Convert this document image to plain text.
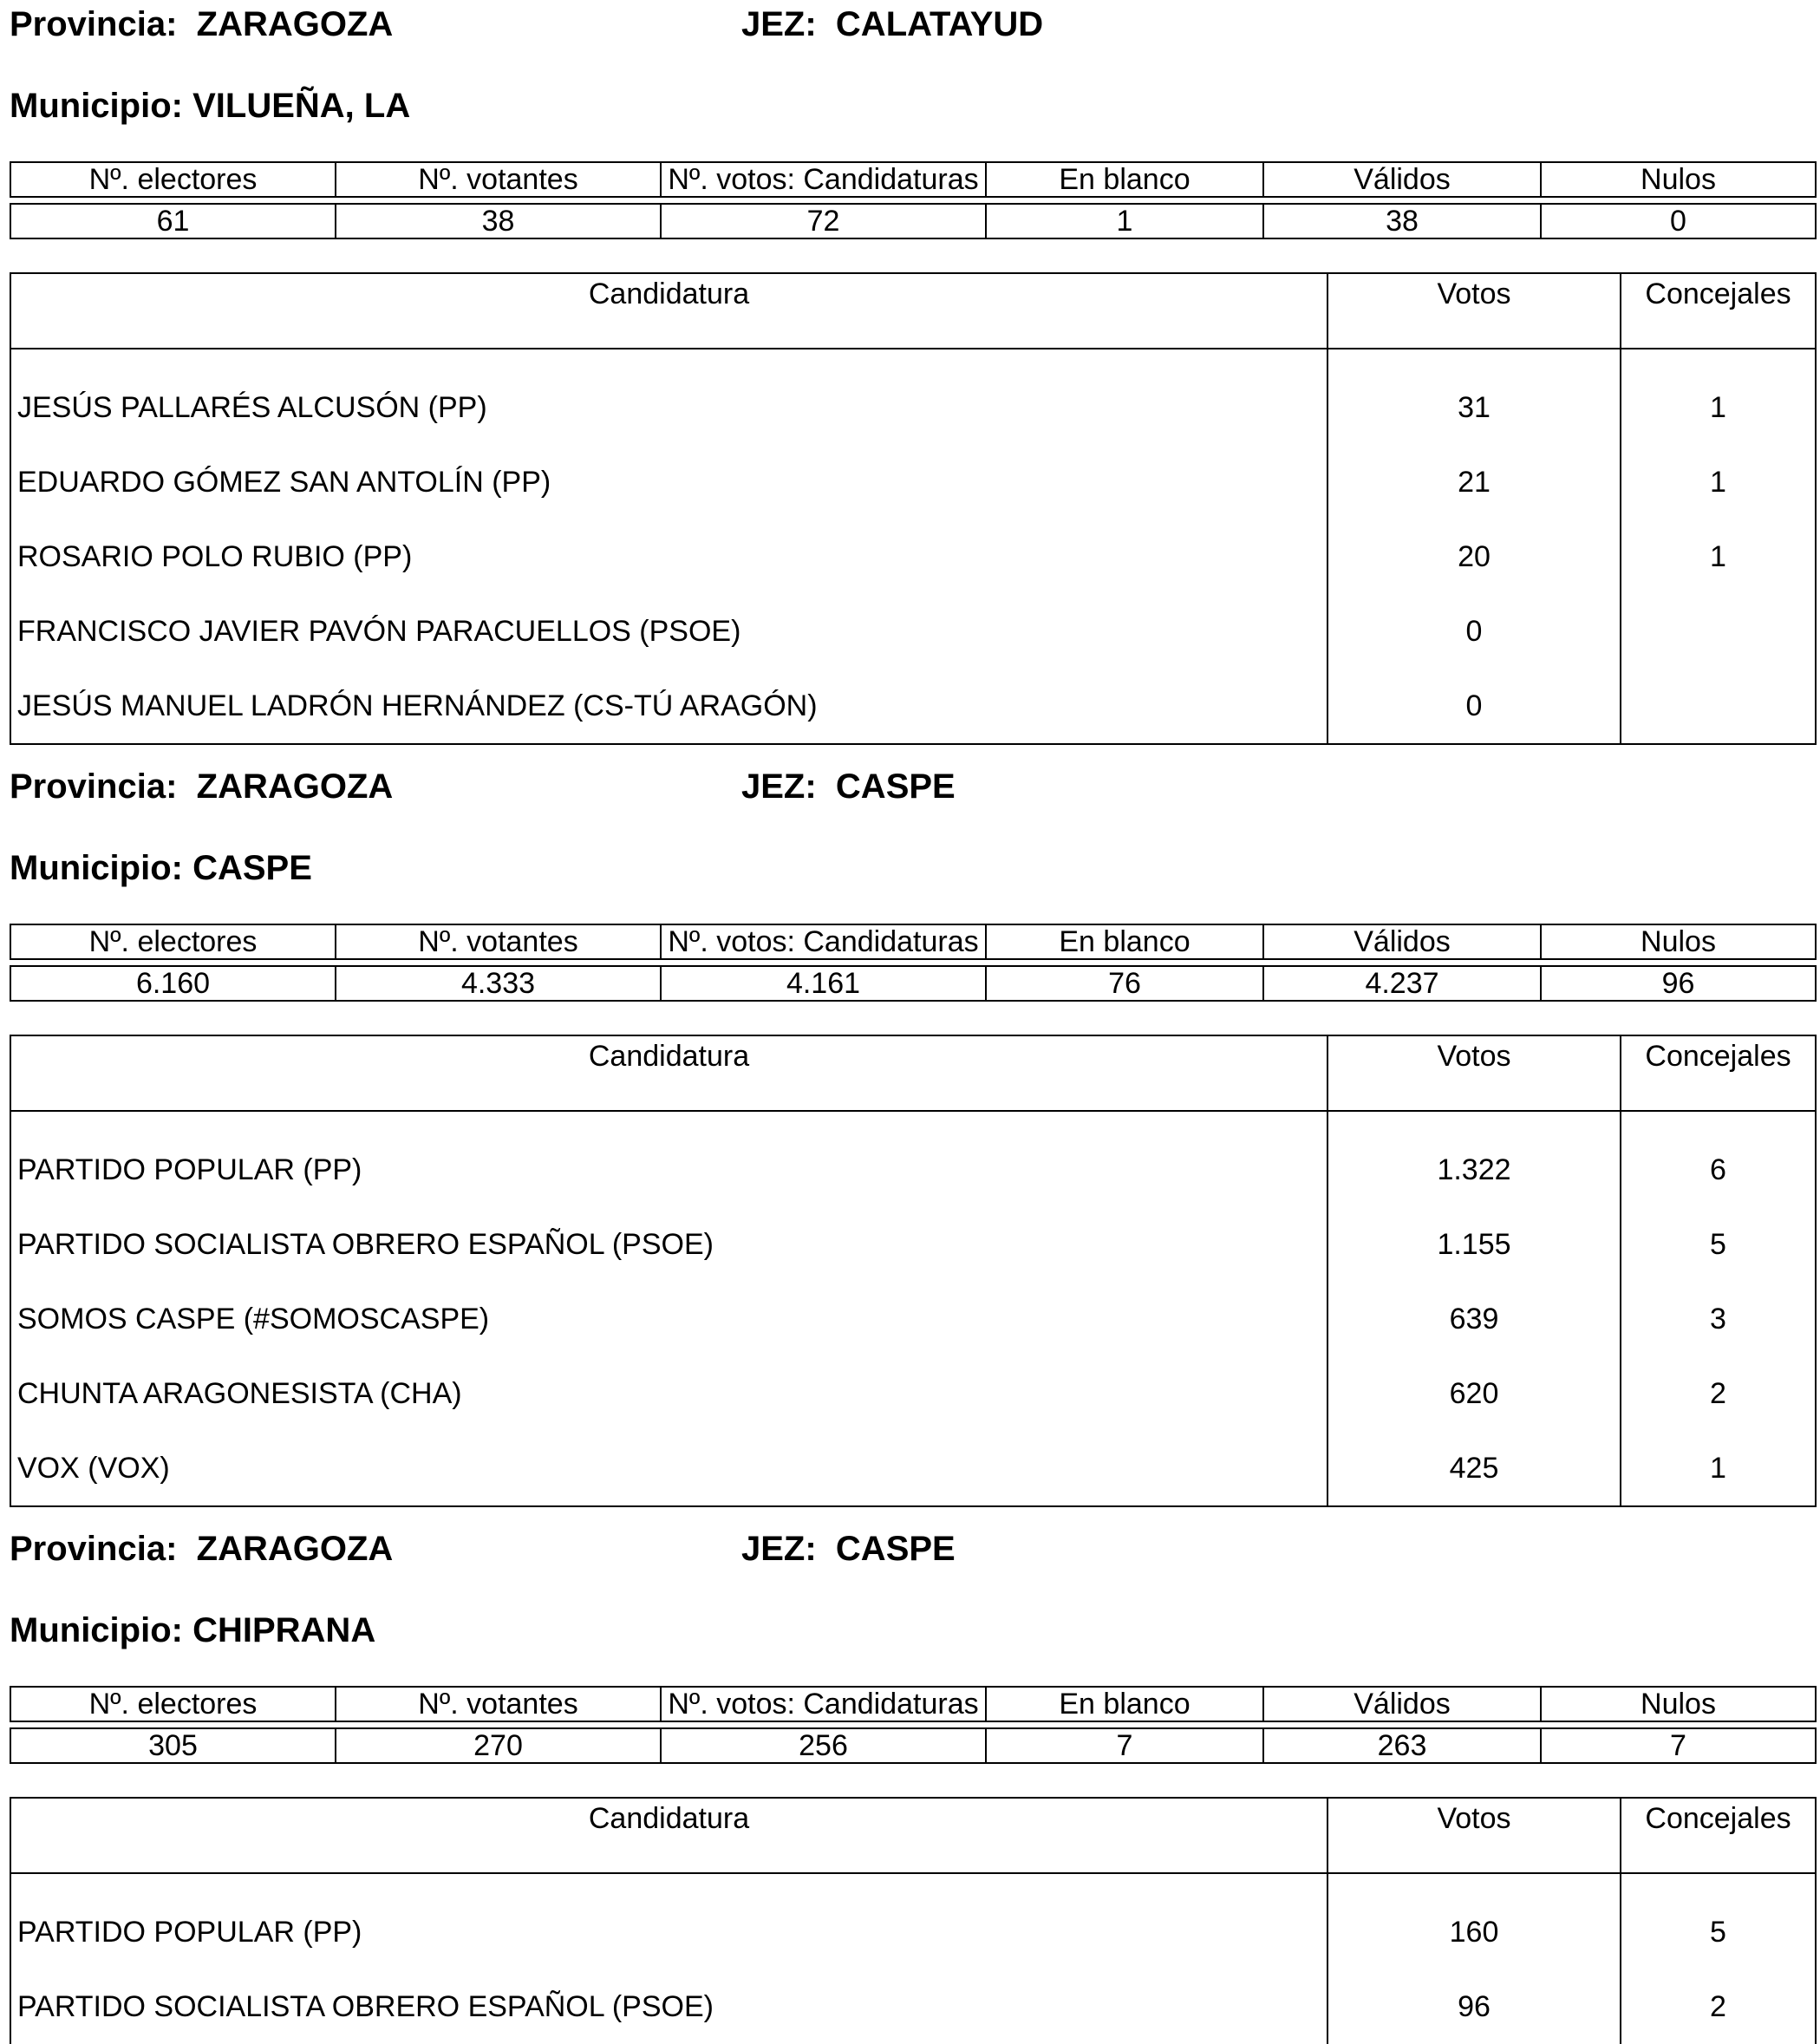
Provincia: ZARAGOZA	JEZ: CALATAYUD
Municipio: VILUEÑA, LA
Nº. electores	Nº. votantes	Nº. votos: Candidaturas	En blanco	Válidos	Nulos

61	38	72	1	38	0
Candidatura	Votos	Concejales
JESÚS PALLARÉS ALCUSÓN (PP)	31	1
EDUARDO GÓMEZ SAN ANTOLÍN (PP)	21	1
ROSARIO POLO RUBIO (PP)	20	1
FRANCISCO JAVIER PAVÓN PARACUELLOS (PSOE)	0	
JESÚS MANUEL LADRÓN HERNÁNDEZ (CS-TÚ ARAGÓN)	0	
Provincia: ZARAGOZA	JEZ: CASPE
Municipio: CASPE
Nº. electores	Nº. votantes	Nº. votos: Candidaturas	En blanco	Válidos	Nulos

6.160	4.333	4.161	76	4.237	96
Candidatura	Votos	Concejales
PARTIDO POPULAR (PP)	1.322	6
PARTIDO SOCIALISTA OBRERO ESPAÑOL (PSOE)	1.155	5
SOMOS CASPE (#SOMOSCASPE)	639	3
CHUNTA ARAGONESISTA (CHA)	620	2
VOX (VOX)	425	1
Provincia: ZARAGOZA	JEZ: CASPE
Municipio: CHIPRANA
Nº. electores	Nº. votantes	Nº. votos: Candidaturas	En blanco	Válidos	Nulos

305	270	256	7	263	7
Candidatura	Votos	Concejales
PARTIDO POPULAR (PP)	160	5
PARTIDO SOCIALISTA OBRERO ESPAÑOL (PSOE)	96	2
